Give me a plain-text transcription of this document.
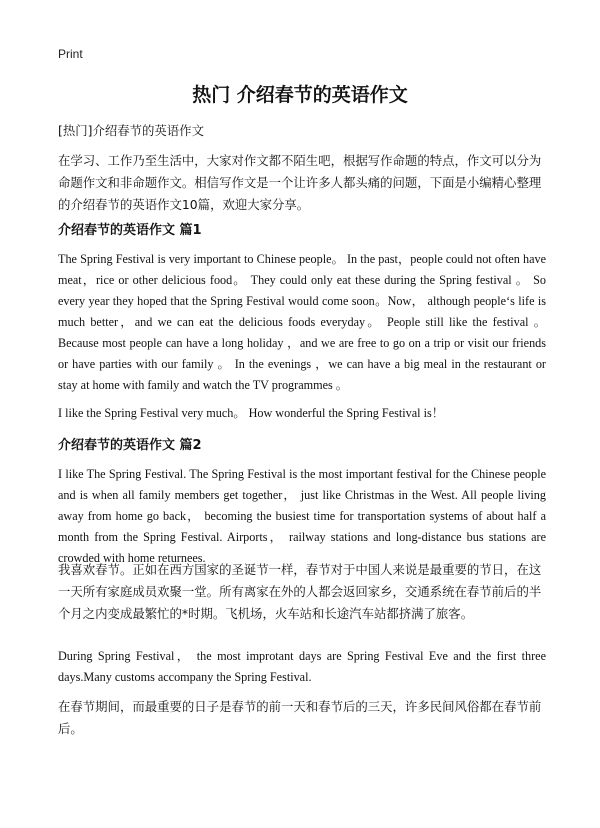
Print
热门 介绍春节的英语作文

[热门]介绍春节的英语作文

在学习、工作乃至生活中，大家对作文都不陌生吧，根据写作命题的特点，作文可以分为命题作文和非命题作文。相信写作文是一个让许多人都头痛的问题，下面是小编精心整理的介绍春节的英语作文10篇，欢迎大家分享。

介绍春节的英语作文 篇1

The Spring Festival is very important to Chinese people。 In the past，people could not often have meat，rice or other delicious food。 They could only eat these during the Spring festival 。 So every year they hoped that the Spring Festival would come soon。Now， although people‘s life is much better，and we can eat the delicious foods everyday。 People still like the festival 。 Because most people can have a long holiday ，and we are free to go on a trip or visit our friends or have parties with our family 。 In the evenings ，we can have a big meal in the restaurant or stay at home with family and watch the TV programmes 。

I like the Spring Festival very much。 How wonderful the Spring Festival is！

介绍春节的英语作文 篇2

I like The Spring Festival. The Spring Festival is the most important festival for the Chinese people and is when all family members get together， just like Christmas in the West. All people living away from home go back， becoming the busiest time for transportation systems of about half a month from the Spring Festival. Airports， railway stations and long-distance bus stations are crowded with home returnees.

我喜欢春节。正如在西方国家的圣诞节一样，春节对于中国人来说是最重要的节日，在这一天所有家庭成员欢聚一堂。所有离家在外的人都会返回家乡，交通系统在春节前后的半个月之内变成最繁忙的*时期。飞机场，火车站和长途汽车站都挤满了旅客。

During Spring Festival， the most improtant days are Spring Festival Eve and the first three days.Many customs accompany the Spring Festival.

在春节期间，而最重要的日子是春节的前一天和春节后的三天，许多民间风俗都在春节前后。
